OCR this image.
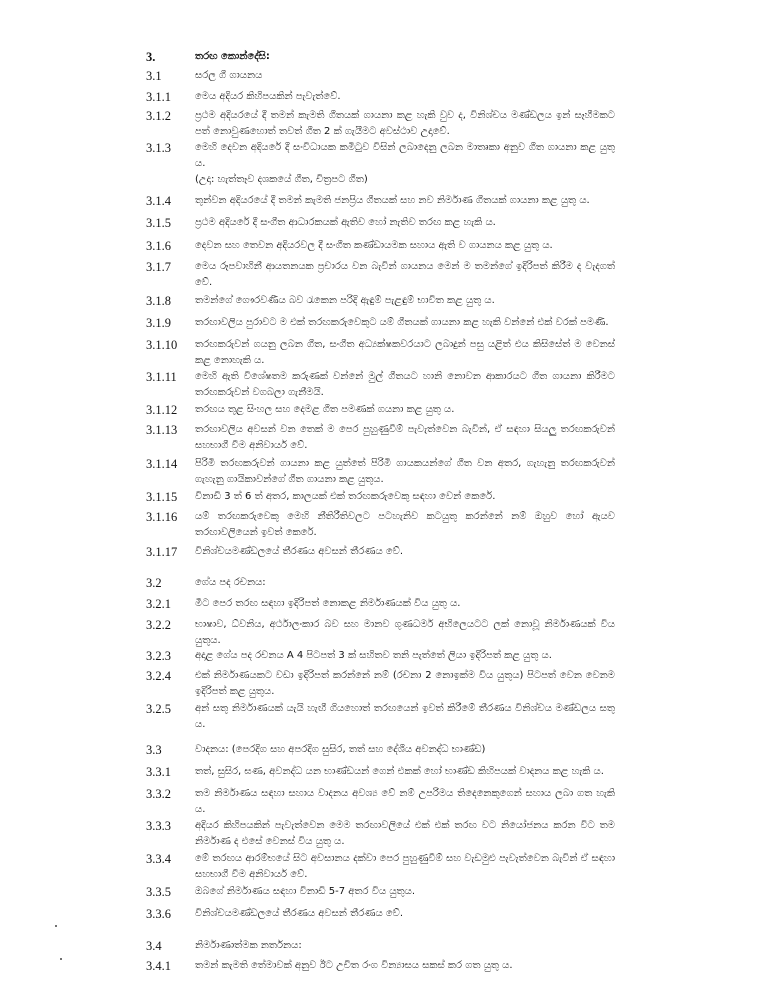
3.	තරඟ කොන්දේසි:
3.1	සරල ගී ගායනය
3.1.1	මෙය අදියර කිහිපයකින් පැවැත්වේ.
3.1.2	ප්‍රථම අදියරයේ දී තමන් කැමති ගීතයක් ගායනා කළ හැකි වුව ද, විනිශ්චය මණ්ඩලය ඉන් සෑහීමකට පත් නොවුණහොත් තවත් ගීත 2 ක් ගැයීමට අවස්ථාව උදාවේ.
3.1.3	මෙහි දෙවන අදියරේ දී සංවිධායක කමිටුව විසින් ලබාදෙනු ලබන මාතෘකා අනුව ගීත ගායනා කළ යුතු ය.
(උදා: හැත්තෑව දශකයේ ගීත, චිත්‍රපට ගීත)
3.1.4	තුන්වන අදියරයේ දී තමන් කැමති ජනප්‍රිය ගීතයක් සහ නව නිර්මාණ ගීතයක් ගායනා කළ යුතු ය.
3.1.5	ප්‍රථම අදියරේ දී සංගීත ආධාරකයක් ඇතිව හෝ නැතිව තරඟ කළ හැකි ය.
3.1.6	දෙවන සහ තෙවන අදියරවල දී සංගීත කණ්ඩායමක සහාය ඇති ව ගායනය කළ යුතු ය.
3.1.7	මෙය රූපවාහිනී ආයතනයක ප්‍රචාරය වන බැවින් ගායනය මෙන් ම තමන්ගේ ඉදිරිපත් කිරීම ද වැදගත් වේ.
3.1.8	තමන්ගේ ගෞරවණීය බව රැකෙන පරිදි ඇඳුම් පැළඳුම් භාවිත කළ යුතු ය.
3.1.9	තරඟාවලිය පුරාවට ම එක් තරඟකරුවෙකුට යම් ගීතයක් ගායනා කළ හැකි වන්නේ එක් වරක් පමණි.
3.1.10	තරඟකරුවන් ගයනු ලබන ගීත, සංගීත අධ්‍යක්ෂකවරයාට ලබාදුන් පසු යළිත් එය කිසිසේත් ම වෙනස් කළ නොහැකි ය.
3.1.11	මෙහි ඇති විශේෂතම කරුණක් වන්නේ මුල් ගීතයට හානි නොවන ආකාරයට ගීත ගායනා කිරීමට තරඟකරුවන් වගබලා ගැනීමයි.
3.1.12	තරඟය තුළ සිංහල සහ දෙමළ ගීත පමණක් ගයනා කළ යුතු ය.
3.1.13	තරඟාවලිය අවසන් වන තෙක් ම පෙර පුහුණුවීම් පැවැත්වෙන බැවින්, ඒ සඳහා සියලු තරඟකරුවන් සහභාගී වීම අනිවාර්ය වේ.
3.1.14	පිරිමි තරඟකරුවන් ගායනා කළ යුත්තේ පිරිමි ගායකයන්ගේ ගීත වන අතර, ගැහැනු තරඟකරුවන් ගැහැනු ගායිකාවන්ගේ ගීත ගායනා කළ යුතුය.
3.1.15	විනාඩි 3 ත් 6 ත් අතර, කාලයක් එක් තරඟකරුවෙකු සඳහා වෙන් කෙරේ.
3.1.16	යම් තරඟකරුවෙකු මෙහි නීතිරීතිවලට පටහැනිව කටයුතු කරන්නේ නම් ඔහුව හෝ ඇයව තරඟාවලියෙන් ඉවත් කෙරේ.
3.1.17	විනිශ්චයමණ්ඩලයේ තීරණය අවසන් තීරණය වේ.
3.2	ගේය පද රචනය:
3.2.1	මීට පෙර තරඟ සඳහා ඉදිරිපත් නොකළ නිර්මාණයක් විය යුතු ය.
3.2.2	භාෂාව, ධ්වනිය, අර්ථාලංකාර බව සහ මානව ගුණධර්ම අභිලෙයටට ලක් නොවූ නිර්මාණයක් විය යුතුය.
3.2.3	අදාළ ගේය පද රචනය A 4 පිටපත් 3 ක් සහිතව තනි පැත්තේ ලියා ඉදිරිපත් කළ යුතු ය.
3.2.4	එක් නිර්මාණයකට වඩා ඉදිරිපත් කරන්නේ නම් (රචනා 2 නොඉක්ම විය යුතුය) පිටපත් වෙන වෙනම ඉදිරිපත් කළ යුතුය.
3.2.5	අන් සතු නිර්මාණයක් යැයි හැඟී ගියහොත් තරඟයෙන් ඉවත් කිරීමේ තීරණය විනිශ්චය මණ්ඩලය සතු ය.
3.3	වාදනය: (පෙරදිග සහ අපරදිග සුසිර, තත් සහ දේශීය අවනද්ධ භාණ්ඩ)
3.3.1	තත්, සුසිර, ඝණ, අවනද්ධ යන භාණ්ඩයන් ගෙන් එකක් හෝ භාණ්ඩ කිහිපයක් වාදනය කළ හැකි ය.
3.3.2	තම නිර්මාණය සඳහා සහාය වාදනය අවශ්‍ය වේ නම් උපරිමය තිදෙනෙකුගෙන් සහාය ලබා ගත හැකි ය.
3.3.3	අදියර කිහිපයකින් පැවැත්වෙන මෙම තරඟාවලියේ එක් එක් තරඟ වට නියෝජනය කරන විට තම නිර්මාණ ද එසේ වෙනස් විය යුතු ය.
3.3.4	මේ තරඟය ආරම්භයේ සිට අවසානය දක්වා පෙර පුහුණුවීම් සහ වැඩමුළු පැවැත්වෙන බැවින් ඒ සඳහා සහභාගී වීම අනිවාර්ය වේ.
3.3.5	ඔබගේ නිර්මාණය සඳහා විනාඩි 5-7 අතර විය යුතුය.
3.3.6	විනිශ්චයමණ්ඩලයේ තීරණය අවසන් තීරණය වේ.
3.4	නිර්මාණාත්මක නර්තනය:
3.4.1	තමන් කැමති තේමාවක් අනුව ඊට උචිත රංග වින්‍යාසය සකස් කර ගත යුතු ය.
